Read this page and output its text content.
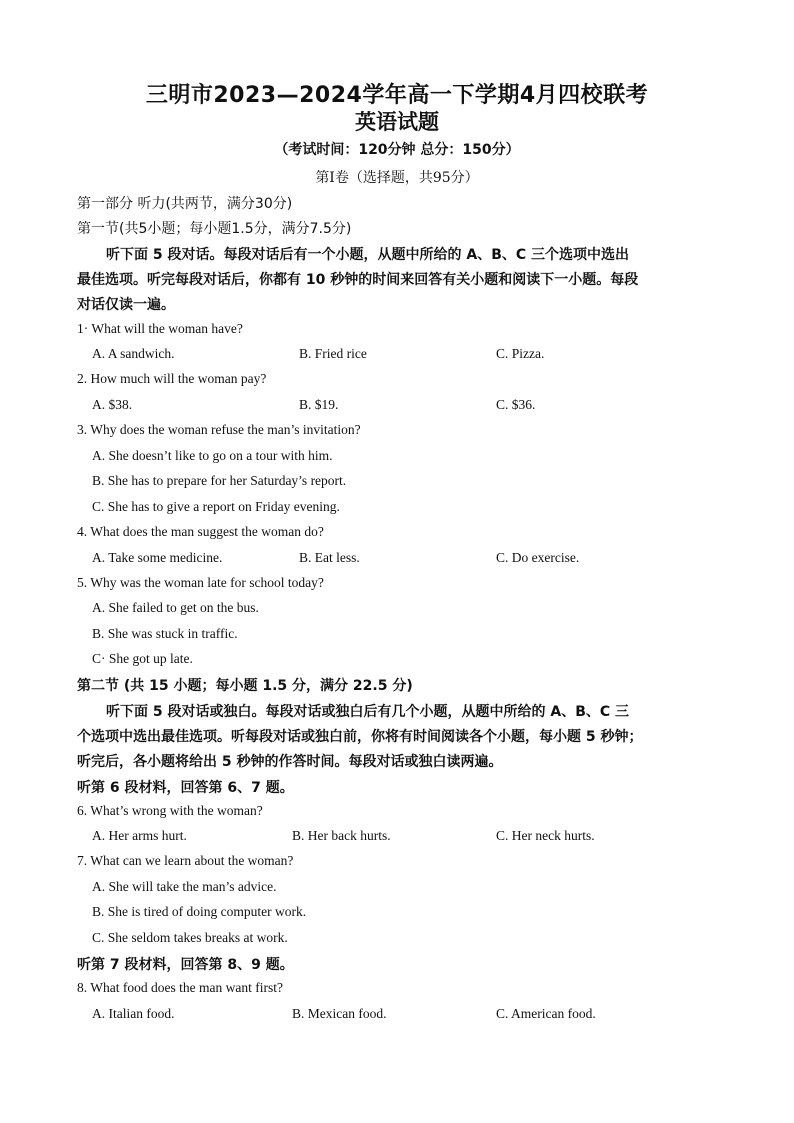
三明市2023—2024学年高一下学期4月四校联考
英语试题
（考试时间：120分钟 总分：150分）
第Ⅰ卷（选择题，共95分）
第一部分 听力(共两节，满分30分)
第一节(共5小题；每小题1.5分，满分7.5分)
听下面 5 段对话。每段对话后有一个小题，从题中所给的 A、B、C 三个选项中选出
最佳选项。听完每段对话后，你都有 10 秒钟的时间来回答有关小题和阅读下一小题。每段
对话仅读一遍。
1· What will the woman have?
A. A sandwich.	B. Fried rice	C. Pizza.
2. How much will the woman pay?
A. $38.	B. $19.	C. $36.
3. Why does the woman refuse the man’s invitation?
A. She doesn’t like to go on a tour with him.
B. She has to prepare for her Saturday’s report.
C. She has to give a report on Friday evening.
4. What does the man suggest the woman do?
A. Take some medicine.	B. Eat less.	C. Do exercise.
5. Why was the woman late for school today?
A. She failed to get on the bus.
B. She was stuck in traffic.
C· She got up late.
第二节 (共 15 小题；每小题 1.5 分，满分 22.5 分)
听下面 5 段对话或独白。每段对话或独白后有几个小题，从题中所给的 A、B、C 三
个选项中选出最佳选项。听每段对话或独白前，你将有时间阅读各个小题，每小题 5 秒钟；
听完后，各小题将给出 5 秒钟的作答时间。每段对话或独白读两遍。
听第 6 段材料，回答第 6、7 题。
6. What’s wrong with the woman?
A. Her arms hurt.	B. Her back hurts.	C. Her neck hurts.
7. What can we learn about the woman?
A. She will take the man’s advice.
B. She is tired of doing computer work.
C. She seldom takes breaks at work.
听第 7 段材料，回答第 8、9 题。
8. What food does the man want first?
A. Italian food.	B. Mexican food.	C. American food.
